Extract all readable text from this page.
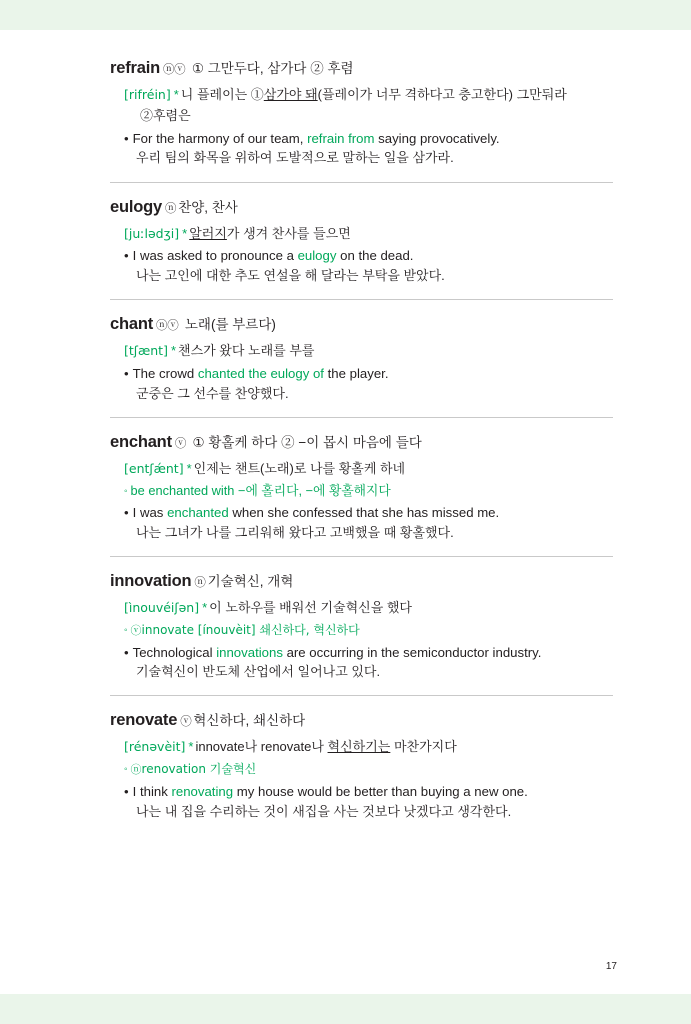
refrain ⓝⓥ ① 그만두다, 삼가다 ② 후렴

[rifréin] * 니 플레이는 ①삼가야 돼(플레이가 너무 격하다고 충고한다) 그만둬라

②후렴은

• For the harmony of our team, refrain from saying provocatively.

우리 팀의 화목을 위하여 도발적으로 말하는 일을 삼가라.

eulogy ⓝ 찬양, 찬사

[juːlədʒi] * 알러지가 생겨 찬사를 들으면

• I was asked to pronounce a eulogy on the dead.

나는 고인에 대한 추도 연설을 해 달라는 부탁을 받았다.

chant ⓝⓥ 노래(를 부르다)

[tʃænt] * 챈스가 왔다 노래를 부를

• The crowd chanted the eulogy of the player.

군중은 그 선수를 찬양했다.

enchant ⓥ ① 황홀케 하다 ② −이 몹시 마음에 들다

[entʃǽnt] * 인제는 챈트(노래)로 나를 황홀케 하네

◦ be enchanted with −에 홀리다, −에 황홀해지다

• I was enchanted when she confessed that she has missed me.

나는 그녀가 나를 그리워해 왔다고 고백했을 때 황홀했다.

innovation ⓝ 기술혁신, 개혁

[ìnouvéiʃən] * 이 노하우를 배워선 기술혁신을 했다

◦ ⓥinnovate [ínouvèit] 쇄신하다, 혁신하다

• Technological innovations are occurring in the semiconductor industry.

기술혁신이 반도체 산업에서 일어나고 있다.

renovate ⓥ 혁신하다, 쇄신하다

[rénəvèit] * innovate나 renovate나 혁신하기는 마찬가지다

◦ ⓝrenovation 기술혁신

• I think renovating my house would be better than buying a new one.

나는 내 집을 수리하는 것이 새집을 사는 것보다 낫겠다고 생각한다.

17
